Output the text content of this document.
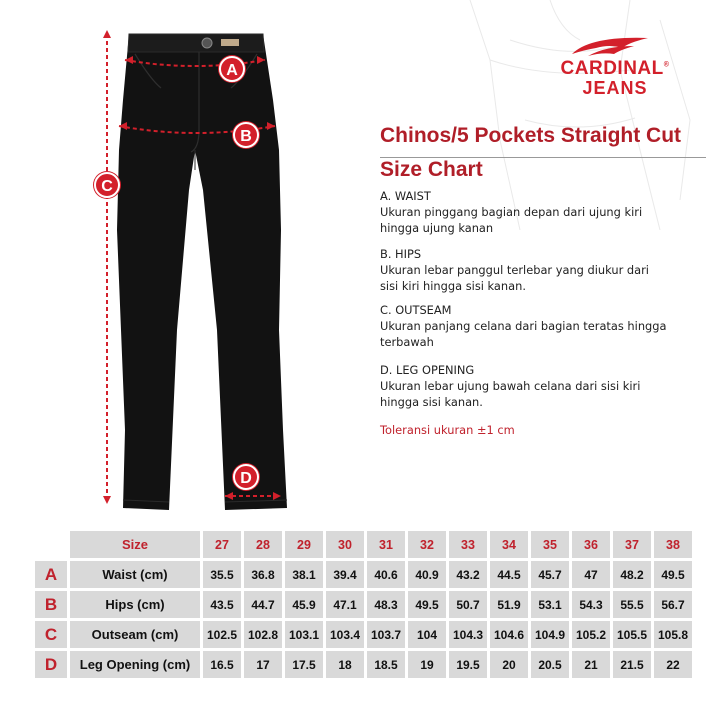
CARDINAL®
JEANS
A
B
C
D
Chinos/5 Pockets Straight Cut
Size Chart
A. WAIST
Ukuran pinggang bagian depan dari ujung kiri hingga ujung kanan
B. HIPS
Ukuran lebar panggul terlebar yang diukur dari sisi kiri hingga sisi kanan.
C. OUTSEAM
Ukuran panjang celana dari bagian teratas hingga terbawah
D. LEG OPENING
Ukuran lebar ujung bawah celana dari sisi kiri hingga sisi kanan.
Toleransi ukuran ±1 cm
	Size	27	28	29	30	31	32	33	34	35	36	37	38
A	Waist (cm)	35.5	36.8	38.1	39.4	40.6	40.9	43.2	44.5	45.7	47	48.2	49.5
B	Hips (cm)	43.5	44.7	45.9	47.1	48.3	49.5	50.7	51.9	53.1	54.3	55.5	56.7
C	Outseam (cm)	102.5	102.8	103.1	103.4	103.7	104	104.3	104.6	104.9	105.2	105.5	105.8
D	Leg Opening (cm)	16.5	17	17.5	18	18.5	19	19.5	20	20.5	21	21.5	22
